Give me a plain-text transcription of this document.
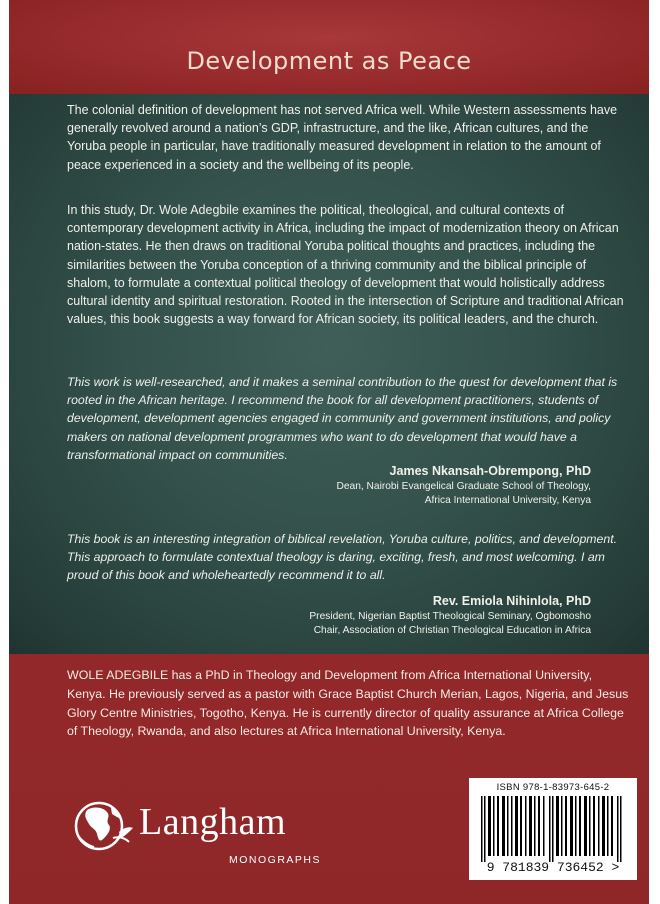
Development as Peace

The colonial definition of development has not served Africa well. While Western assessments have generally revolved around a nation’s GDP, infrastructure, and the like, African cultures, and the Yoruba people in particular, have traditionally measured development in relation to the amount of peace experienced in a society and the wellbeing of its people.

In this study, Dr. Wole Adegbile examines the political, theological, and cultural contexts of contemporary development activity in Africa, including the impact of modernization theory on African nation-states. He then draws on traditional Yoruba political thoughts and practices, including the similarities between the Yoruba conception of a thriving community and the biblical principle of shalom, to formulate a contextual political theology of development that would holistically address cultural identity and spiritual restoration. Rooted in the intersection of Scripture and traditional African values, this book suggests a way forward for African society, its political leaders, and the church.

This work is well-researched, and it makes a seminal contribution to the quest for development that is rooted in the African heritage. I recommend the book for all development practitioners, students of development, development agencies engaged in community and government institutions, and policy makers on national development programmes who want to do development that would have a transformational impact on communities.

James Nkansah-Obrempong, PhD
Dean, Nairobi Evangelical Graduate School of Theology,
Africa International University, Kenya

This book is an interesting integration of biblical revelation, Yoruba culture, politics, and development. This approach to formulate contextual theology is daring, exciting, fresh, and most welcoming. I am proud of this book and wholeheartedly recommend it to all.

Rev. Emiola Nihinlola, PhD
President, Nigerian Baptist Theological Seminary, Ogbomosho
Chair, Association of Christian Theological Education in Africa

WOLE ADEGBILE has a PhD in Theology and Development from Africa International University, Kenya. He previously served as a pastor with Grace Baptist Church Merian, Lagos, Nigeria, and Jesus Glory Centre Ministries, Togotho, Kenya. He is currently director of quality assurance at Africa College of Theology, Rwanda, and also lectures at Africa International University, Kenya.

Langham
MONOGRAPHS
ISBN 978-1-83973-645-2
9 781839 736452 >
